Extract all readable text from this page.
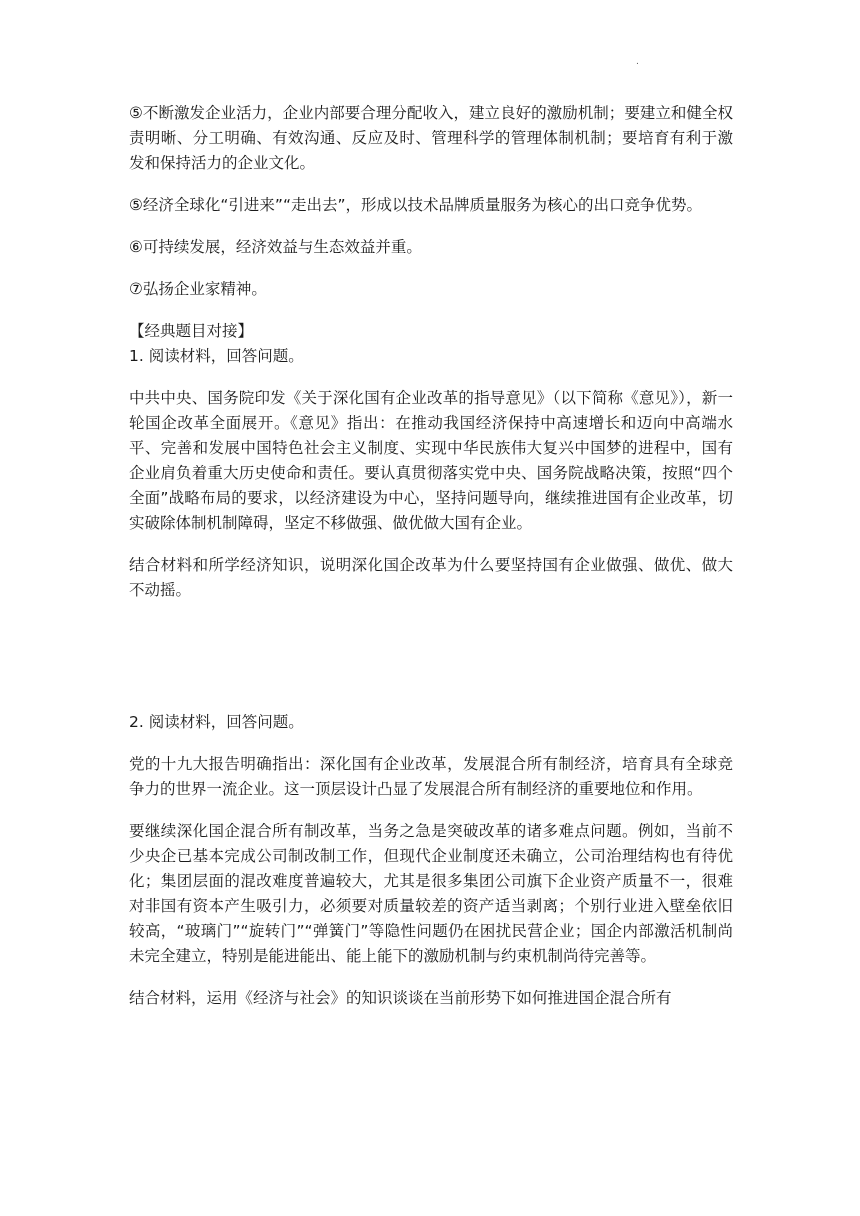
.

⑤不断激发企业活力，企业内部要合理分配收入，建立良好的激励机制；要建立和健全权责明晰、分工明确、有效沟通、反应及时、管理科学的管理体制机制；要培育有利于激发和保持活力的企业文化。

⑤经济全球化“引进来”“走出去”，形成以技术品牌质量服务为核心的出口竞争优势。

⑥可持续发展，经济效益与生态效益并重。

⑦弘扬企业家精神。

【经典题目对接】

1. 阅读材料，回答问题。

中共中央、国务院印发《关于深化国有企业改革的指导意见》（以下简称《意见》），新一轮国企改革全面展开。《意见》指出：在推动我国经济保持中高速增长和迈向中高端水平、完善和发展中国特色社会主义制度、实现中华民族伟大复兴中国梦的进程中，国有企业肩负着重大历史使命和责任。要认真贯彻落实党中央、国务院战略决策，按照“四个全面”战略布局的要求，以经济建设为中心，坚持问题导向，继续推进国有企业改革，切实破除体制机制障碍，坚定不移做强、做优做大国有企业。

结合材料和所学经济知识，说明深化国企改革为什么要坚持国有企业做强、做优、做大不动摇。

2. 阅读材料，回答问题。

党的十九大报告明确指出：深化国有企业改革，发展混合所有制经济，培育具有全球竞争力的世界一流企业。这一顶层设计凸显了发展混合所有制经济的重要地位和作用。

要继续深化国企混合所有制改革，当务之急是突破改革的诸多难点问题。例如，当前不少央企已基本完成公司制改制工作，但现代企业制度还未确立，公司治理结构也有待优化；集团层面的混改难度普遍较大，尤其是很多集团公司旗下企业资产质量不一，很难对非国有资本产生吸引力，必须要对质量较差的资产适当剥离；个别行业进入壁垒依旧较高，“玻璃门”“旋转门”“弹簧门”等隐性问题仍在困扰民营企业；国企内部激活机制尚未完全建立，特别是能进能出、能上能下的激励机制与约束机制尚待完善等。

结合材料，运用《经济与社会》的知识谈谈在当前形势下如何推进国企混合所有
